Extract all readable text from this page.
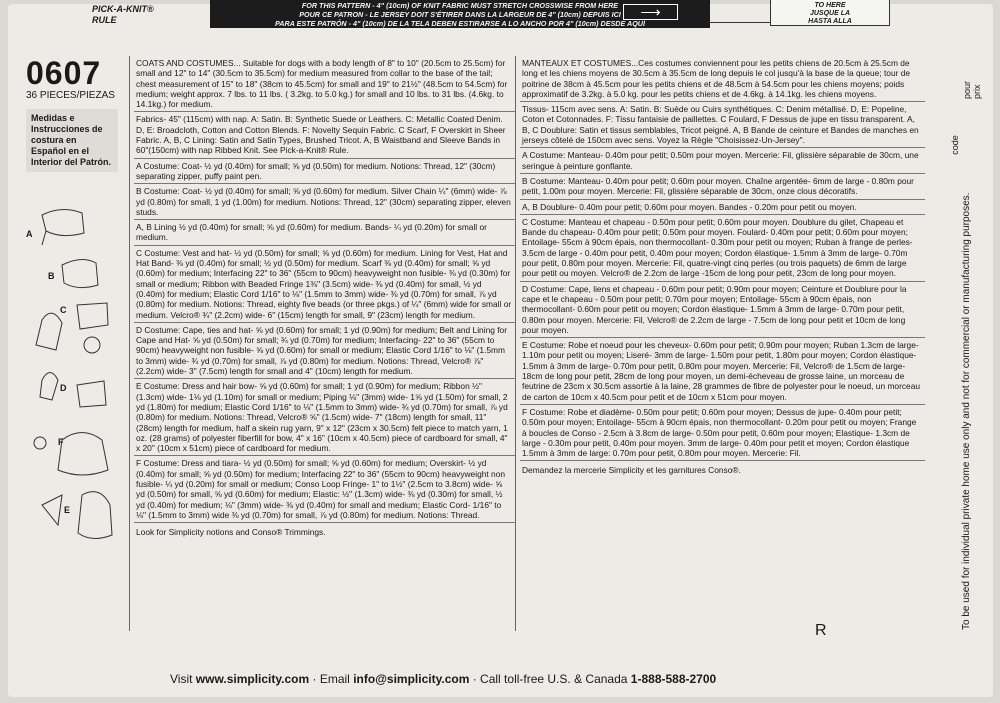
PICK-A-KNIT®
RULE
FOR THIS PATTERN - 4" (10cm) OF KNIT FABRIC MUST STRETCH CROSSWISE FROM HERE
POUR CE PATRON - LE JERSEY DOIT S'ÉTIRER DANS LA LARGEUR DE 4" (10cm) DEPUIS ICI
PARA ESTE PATRÓN - 4" (10cm) DE LA TELA DEBEN ESTIRARSE A LO ANCHO POR 4" (10cm) DESDE AQUÍ
⟶	TO HERE
JUSQUE LA
HASTA ALLA
0607
36 PIECES/PIEZAS
Medidas e Instrucciones de costura en Español en el Interior del Patrón.
A
B
C
D
F
E
COATS AND COSTUMES... Suitable for dogs with a body length of 8" to 10" (20.5cm to 25.5cm) for small and 12" to 14" (30.5cm to 35.5cm) for medium measured from collar to the base of the tail; chest measurement of 15" to 18" (38cm to 45.5cm) for small and 19" to 21½" (48.5cm to 54.5cm) for medium; weight approx. 7 lbs. to 11 lbs. ( 3.2kg. to 5.0 kg.) for small and 10 lbs. to 31 lbs. (4.6kg. to 14.1kg.) for medium.
Fabrics- 45" (115cm) with nap. A: Satin. B: Synthetic Suede or Leathers. C: Metallic Coated Denim. D, E: Broadcloth, Cotton and Cotton Blends. F: Novelty Sequin Fabric. C Scarf, F Overskirt in Sheer Fabric. A, B, C Lining: Satin and Satin Types, Brushed Tricot. A, B Waistband and Sleeve Bands in 60"(150cm) with nap Ribbed Knit. See Pick-a-Knit® Rule.
A Costume: Coat- ½ yd (0.40m) for small; ⅝ yd (0.50m) for medium. Notions: Thread, 12" (30cm) separating zipper, puffy paint pen.
B Costume: Coat- ½ yd (0.40m) for small; ⅝ yd (0.60m) for medium. Silver Chain ¼" (6mm) wide- ⅞ yd (0.80m) for small, 1 yd (1.00m) for medium. Notions: Thread, 12" (30cm) separating zipper, eleven studs.
A, B Lining ½ yd (0.40m) for small; ⅝ yd (0.60m) for medium. Bands- ¼ yd (0.20m) for small or medium.
C Costume: Vest and hat- ½ yd (0.50m) for small; ⅝ yd (0.60m) for medium. Lining for Vest, Hat and Hat Band- ⅜ yd (0.40m) for small; ½ yd (0.50m) for medium. Scarf ⅜ yd (0.40m) for small; ⅝ yd (0.60m) for medium; Interfacing 22" to 36" (55cm to 90cm) heavyweight non fusible- ⅜ yd (0.30m) for small or medium; Ribbon with Beaded Fringe 1⅜" (3.5cm) wide- ⅜ yd (0.40m) for small, ½ yd (0.40m) for medium; Elastic Cord 1/16" to ⅛" (1.5mm to 3mm) wide- ⅜ yd (0.70m) for small, ⅞ yd (0.80m) for medium. Notions: Thread, eighty five beads (or three pkgs.) of ¼" (6mm) wide for small or medium. Velcro® ¾" (2.2cm) wide- 6" (15cm) length for small, 9" (23cm) length for medium.
D Costume: Cape, ties and hat- ⅝ yd (0.60m) for small; 1 yd (0.90m) for medium; Belt and Lining for Cape and Hat- ⅝ yd (0.50m) for small; ¾ yd (0.70m) for medium; Interfacing- 22" to 36" (55cm to 90cm) heavyweight non fusible- ⅝ yd (0.60m) for small or medium; Elastic Cord 1/16" to ⅛" (1.5mm to 3mm) wide- ¾ yd (0.70m) for small, ⅞ yd (0.80m) for medium. Notions: Thread, Velcro® ⅞" (2.2cm) wide- 3" (7.5cm) length for small and 4" (10cm) length for medium.
E Costume: Dress and hair bow- ⅝ yd (0.60m) for small; 1 yd (0.90m) for medium; Ribbon ½" (1.3cm) wide- 1⅛ yd (1.10m) for small or medium; Piping ⅛" (3mm) wide- 1⅝ yd (1.50m) for small, 2 yd (1.80m) for medium; Elastic Cord 1/16" to ⅛" (1.5mm to 3mm) wide- ¾ yd (0.70m) for small, ⅞ yd (0.80m) for medium. Notions: Thread, Velcro® ⅝" (1.5cm) wide- 7" (18cm) length for small, 11" (28cm) length for medium, half a skein rug yarn, 9" x 12" (23cm x 30.5cm) felt piece to match yarn, 1 oz. (28 grams) of polyester fiberfill for bow, 4" x 16" (10cm x 40.5cm) piece of cardboard for small, 4" x 20" (10cm x 51cm) piece of cardboard for medium.
F Costume: Dress and tiara- ½ yd (0.50m) for small; ⅝ yd (0.60m) for medium; Overskirt- ½ yd (0.40m) for small; ⅝ yd (0.50m) for medium; Interfacing 22" to 36" (55cm to 90cm) heavyweight non fusible- ¼ yd (0.20m) for small or medium; Conso Loop Fringe- 1" to 1½" (2.5cm to 3.8cm) wide- ⅝ yd (0.50m) for small, ⅝ yd (0.60m) for medium; Elastic: ½" (1.3cm) wide- ⅜ yd (0.30m) for small, ½ yd (0.40m) for medium; ⅛" (3mm) wide- ⅜ yd (0.40m) for small and medium; Elastic Cord- 1/16" to ⅛" (1.5mm to 3mm) wide ⅜ yd (0.70m) for small, ⅞ yd (0.80m) for medium. Notions: Thread.
Look for Simplicity notions and Conso® Trimmings.
MANTEAUX ET COSTUMES...Ces costumes conviennent pour les petits chiens de 20.5cm à 25.5cm de long et les chiens moyens de 30.5cm à 35.5cm de long depuis le col jusqu'à la base de la queue; tour de poitrine de 38cm à 45.5cm pour les petits chiens et de 48.5cm à 54.5cm pour les chiens moyens; poids approximatif de 3.2kg. à 5.0 kg. pour les petits chiens et de 4.6kg. à 14.1kg. les chiens moyens.
Tissus- 115cm avec sens. A: Satin. B: Suède ou Cuirs synthétiques. C: Denim métallisé. D, E: Popeline, Coton et Cotonnades. F: Tissu fantaisie de paillettes. C Foulard, F Dessus de jupe en tissu transparent. A, B, C Doublure: Satin et tissus semblables, Tricot peigné. A, B Bande de ceinture et Bandes de manches en jerseys côtelé de 150cm avec sens. Voyez la Règle "Choisissez-Un-Jersey".
A Costume: Manteau- 0.40m pour petit; 0.50m pour moyen. Mercerie: Fil, glissière séparable de 30cm, une seringue à peinture gonflante.
B Costume: Manteau- 0.40m pour petit; 0.60m pour moyen. Chaîne argentée- 6mm de large - 0.80m pour petit, 1.00m pour moyen. Mercerie: Fil, glissière séparable de 30cm, onze clous décoratifs.
A, B Doublure- 0.40m pour petit; 0.60m pour moyen. Bandes - 0.20m pour petit ou moyen.
C Costume: Manteau et chapeau - 0.50m pour petit; 0.60m pour moyen. Doublure du gilet, Chapeau et Bande du chapeau- 0.40m pour petit; 0.50m pour moyen. Foulard- 0.40m pour petit; 0.60m pour moyen; Entoilage- 55cm à 90cm épais, non thermocollant- 0.30m pour petit ou moyen; Ruban à frange de perles- 3.5cm de large - 0.40m pour petit, 0.40m pour moyen; Cordon élastique- 1.5mm à 3mm de large- 0.70m pour petit, 0.80m pour moyen. Mercerie: Fil, quatre-vingt cinq perles (ou trois paquets) de 6mm de large pour petit ou moyen. Velcro® de 2.2cm de large -15cm de long pour petit, 23cm de long pour moyen.
D Costume: Cape, liens et chapeau - 0.60m pour petit; 0.90m pour moyen; Ceinture et Doublure pour la cape et le chapeau - 0.50m pour petit; 0.70m pour moyen; Entoilage- 55cm à 90cm épais, non thermocollant- 0.60m pour petit ou moyen; Cordon élastique- 1.5mm à 3mm de large- 0.70m pour petit, 0.80m pour moyen. Mercerie: Fil, Velcro® de 2.2cm de large - 7.5cm de long pour petit et 10cm de long pour moyen.
E Costume: Robe et noeud pour les cheveux- 0.60m pour petit; 0.90m pour moyen; Ruban 1.3cm de large- 1.10m pour petit ou moyen; Liseré- 3mm de large- 1.50m pour petit, 1.80m pour moyen; Cordon élastique- 1.5mm à 3mm de large- 0.70m pour petit, 0.80m pour moyen. Mercerie: Fil, Velcro® de 1.5cm de large- 18cm de long pour petit, 28cm de long pour moyen, un demi-écheveau de grosse laine, un morceau de feutrine de 23cm x 30.5cm assortie à la laine, 28 grammes de fibre de polyester pour le noeud, un morceau de carton de 10cm x 40.5cm pour petit et de 10cm x 51cm pour moyen.
F Costume: Robe et diadème- 0.50m pour petit; 0.60m pour moyen; Dessus de jupe- 0.40m pour petit; 0.50m pour moyen; Entoilage- 55cm à 90cm épais, non thermocollant- 0.20m pour petit ou moyen; Frange à boucles de Conso - 2.5cm à 3.8cm de large- 0.50m pour petit, 0.60m pour moyen; Elastique- 1.3cm de large - 0.30m pour petit, 0.40m pour moyen. 3mm de large- 0.40m pour petit et moyen; Cordon élastique 1.5mm à 3mm de large: 0.70m pour petit, 0.80m pour moyen. Mercerie: Fil.
Demandez la mercerie Simplicity et les garnitures Conso®.
pour prix
code
To be used for individual private home use only and not for commercial or manufacturing purposes.
R
Visit www.simplicity.com · Email info@simplicity.com · Call toll-free U.S. & Canada 1-888-588-2700
